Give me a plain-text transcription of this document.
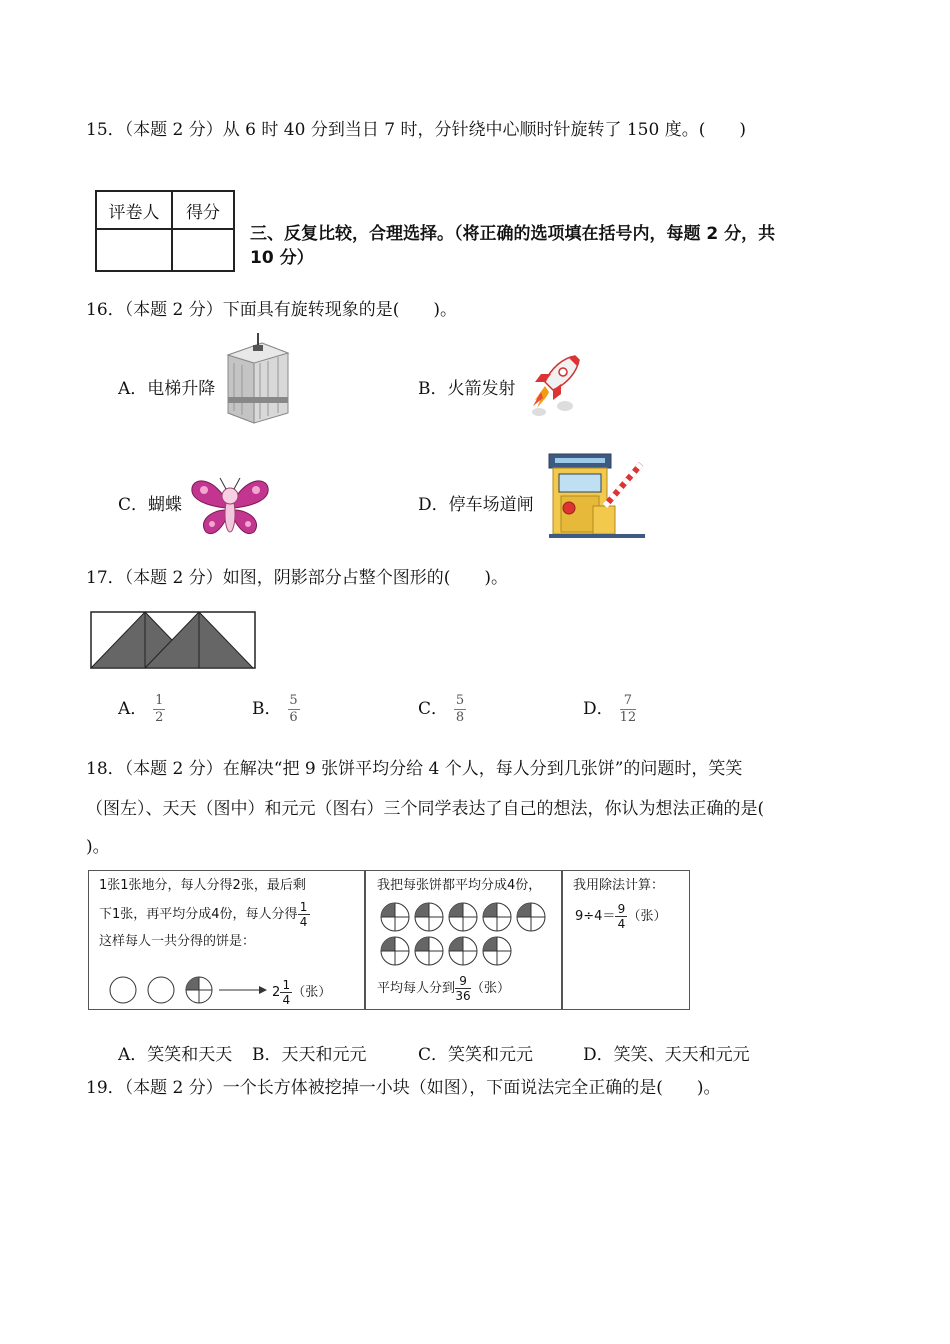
15．（本题 2 分）从 6 时 40 分到当日 7 时，分针绕中心顺时针旋转了 150 度。(　　)
评卷人	得分

三、反复比较，合理选择。（将正确的选项填在括号内，每题 2 分，共
10 分）
16．（本题 2 分）下面具有旋转现象的是(　　)。
A．电梯升降	B．火箭发射
C．蝴蝶	D．停车场道闸
17．（本题 2 分）如图，阴影部分占整个图形的(　　)。
A． $\frac{1}{2}$	B． $\frac{5}{6}$	C． $\frac{5}{8}$	D． $\frac{7}{12}$
18．（本题 2 分）在解决“把 9 张饼平均分给 4 个人，每人分到几张饼”的问题时，笑笑
（图左）、天天（图中）和元元（图右）三个同学表达了自己的想法，你认为想法正确的是(
)。
1张1张地分，每人分得2张，最后剩
下1张，再平均分成4份，每人分得 $\frac{1}{4}$
这样每人一共分得的饼是：
$2 \frac{1}{4}$ （张）
我把每张饼都平均分成4份，
平均每人分到 $\frac{9}{36}$ （张）
我用除法计算：
$9\div 4= \frac{9}{4}$ （张）
A．笑笑和天天 B．天天和元元	C．笑笑和元元	D．笑笑、天天和元元
19．（本题 2 分）一个长方体被挖掉一小块（如图），下面说法完全正确的是(　　)。
